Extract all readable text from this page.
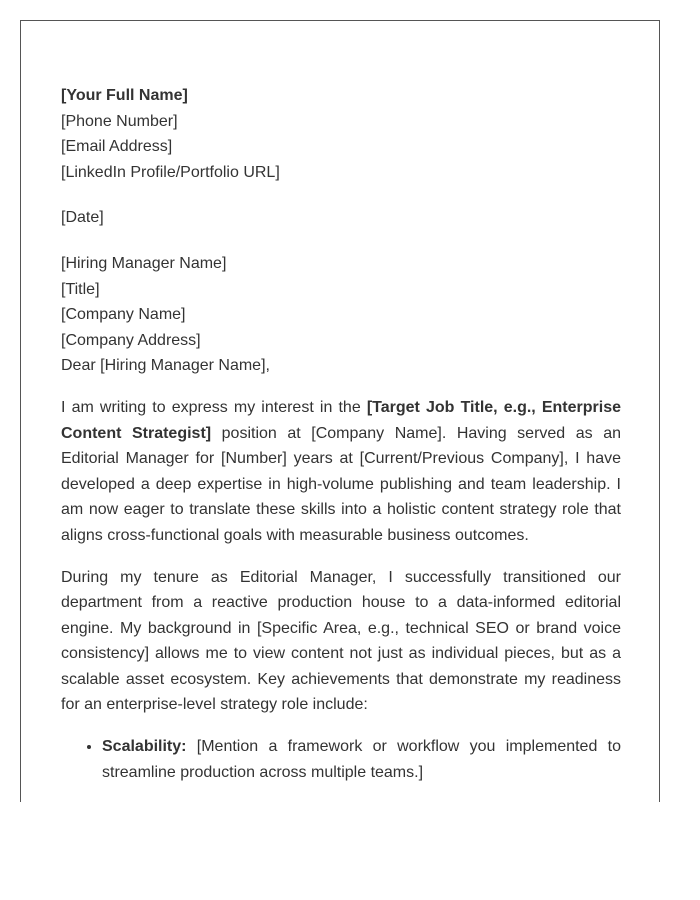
[Your Full Name]
[Phone Number]
[Email Address]
[LinkedIn Profile/Portfolio URL]
[Date]
[Hiring Manager Name]
[Title]
[Company Name]
[Company Address]

Dear [Hiring Manager Name],

I am writing to express my interest in the [Target Job Title, e.g., Enterprise Content Strategist] position at [Company Name]. Having served as an Editorial Manager for [Number] years at [Current/Previous Company], I have developed a deep expertise in high-volume publishing and team leadership. I am now eager to translate these skills into a holistic content strategy role that aligns cross-functional goals with measurable business outcomes.

During my tenure as Editorial Manager, I successfully transitioned our department from a reactive production house to a data-informed editorial engine. My background in [Specific Area, e.g., technical SEO or brand voice consistency] allows me to view content not just as individual pieces, but as a scalable asset ecosystem. Key achievements that demonstrate my readiness for an enterprise-level strategy role include:

• Scalability: [Mention a framework or workflow you implemented to streamline production across multiple teams.]
